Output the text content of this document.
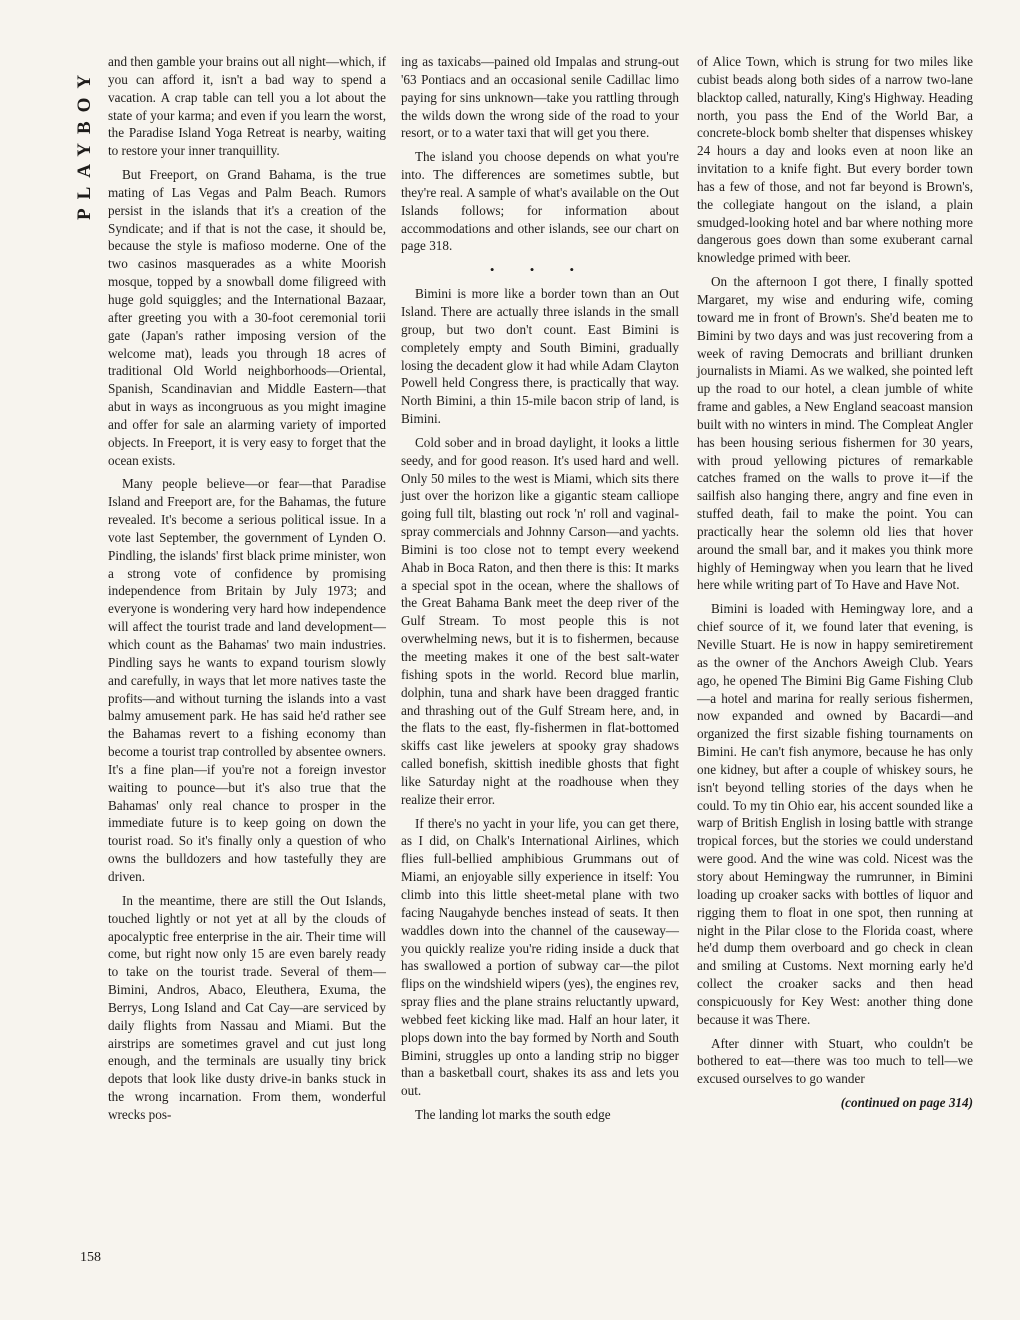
PLAYBOY
158

and then gamble your brains out all night—which, if you can afford it, isn't a bad way to spend a vacation. A crap table can tell you a lot about the state of your karma; and even if you learn the worst, the Paradise Island Yoga Retreat is nearby, waiting to restore your inner tranquillity.

But Freeport, on Grand Bahama, is the true mating of Las Vegas and Palm Beach. Rumors persist in the islands that it's a creation of the Syndicate; and if that is not the case, it should be, because the style is mafioso moderne. One of the two casinos masquerades as a white Moorish mosque, topped by a snowball dome filigreed with huge gold squiggles; and the International Bazaar, after greeting you with a 30-foot ceremonial torii gate (Japan's rather imposing version of the welcome mat), leads you through 18 acres of traditional Old World neighborhoods—Oriental, Spanish, Scandinavian and Middle Eastern—that abut in ways as incongruous as you might imagine and offer for sale an alarming variety of imported objects. In Freeport, it is very easy to forget that the ocean exists.

Many people believe—or fear—that Paradise Island and Freeport are, for the Bahamas, the future revealed. It's become a serious political issue. In a vote last September, the government of Lynden O. Pindling, the islands' first black prime minister, won a strong vote of confidence by promising independence from Britain by July 1973; and everyone is wondering very hard how independence will affect the tourist trade and land development—which count as the Bahamas' two main industries. Pindling says he wants to expand tourism slowly and carefully, in ways that let more natives taste the profits—and without turning the islands into a vast balmy amusement park. He has said he'd rather see the Bahamas revert to a fishing economy than become a tourist trap controlled by absentee owners. It's a fine plan—if you're not a foreign investor waiting to pounce—but it's also true that the Bahamas' only real chance to prosper in the immediate future is to keep going on down the tourist road. So it's finally only a question of who owns the bulldozers and how tastefully they are driven.

In the meantime, there are still the Out Islands, touched lightly or not yet at all by the clouds of apocalyptic free enterprise in the air. Their time will come, but right now only 15 are even barely ready to take on the tourist trade. Several of them—Bimini, Andros, Abaco, Eleuthera, Exuma, the Berrys, Long Island and Cat Cay—are serviced by daily flights from Nassau and Miami. But the airstrips are sometimes gravel and cut just long enough, and the terminals are usually tiny brick depots that look like dusty drive-in banks stuck in the wrong incarnation. From them, wonderful wrecks pos-

ing as taxicabs—pained old Impalas and strung-out '63 Pontiacs and an occasional senile Cadillac limo paying for sins unknown—take you rattling through the wilds down the wrong side of the road to your resort, or to a water taxi that will get you there.

The island you choose depends on what you're into. The differences are sometimes subtle, but they're real. A sample of what's available on the Out Islands follows; for information about accommodations and other islands, see our chart on page 318.

• • •

Bimini is more like a border town than an Out Island. There are actually three islands in the small group, but two don't count. East Bimini is completely empty and South Bimini, gradually losing the decadent glow it had while Adam Clayton Powell held Congress there, is practically that way. North Bimini, a thin 15-mile bacon strip of land, is Bimini.

Cold sober and in broad daylight, it looks a little seedy, and for good reason. It's used hard and well. Only 50 miles to the west is Miami, which sits there just over the horizon like a gigantic steam calliope going full tilt, blasting out rock 'n' roll and vaginal-spray commercials and Johnny Carson—and yachts. Bimini is too close not to tempt every weekend Ahab in Boca Raton, and then there is this: It marks a special spot in the ocean, where the shallows of the Great Bahama Bank meet the deep river of the Gulf Stream. To most people this is not overwhelming news, but it is to fishermen, because the meeting makes it one of the best salt-water fishing spots in the world. Record blue marlin, dolphin, tuna and shark have been dragged frantic and thrashing out of the Gulf Stream here, and, in the flats to the east, fly-fishermen in flat-bottomed skiffs cast like jewelers at spooky gray shadows called bonefish, skittish inedible ghosts that fight like Saturday night at the roadhouse when they realize their error.

If there's no yacht in your life, you can get there, as I did, on Chalk's International Airlines, which flies full-bellied amphibious Grummans out of Miami, an enjoyable silly experience in itself: You climb into this little sheet-metal plane with two facing Naugahyde benches instead of seats. It then waddles down into the channel of the causeway—you quickly realize you're riding inside a duck that has swallowed a portion of subway car—the pilot flips on the windshield wipers (yes), the engines rev, spray flies and the plane strains reluctantly upward, webbed feet kicking like mad. Half an hour later, it plops down into the bay formed by North and South Bimini, struggles up onto a landing strip no bigger than a basketball court, shakes its ass and lets you out.

The landing lot marks the south edge

of Alice Town, which is strung for two miles like cubist beads along both sides of a narrow two-lane blacktop called, naturally, King's Highway. Heading north, you pass the End of the World Bar, a concrete-block bomb shelter that dispenses whiskey 24 hours a day and looks even at noon like an invitation to a knife fight. But every border town has a few of those, and not far beyond is Brown's, the collegiate hangout on the island, a plain smudged-looking hotel and bar where nothing more dangerous goes down than some exuberant carnal knowledge primed with beer.

On the afternoon I got there, I finally spotted Margaret, my wise and enduring wife, coming toward me in front of Brown's. She'd beaten me to Bimini by two days and was just recovering from a week of raving Democrats and brilliant drunken journalists in Miami. As we walked, she pointed left up the road to our hotel, a clean jumble of white frame and gables, a New England seacoast mansion built with no winters in mind. The Compleat Angler has been housing serious fishermen for 30 years, with proud yellowing pictures of remarkable catches framed on the walls to prove it—if the sailfish also hanging there, angry and fine even in stuffed death, fail to make the point. You can practically hear the solemn old lies that hover around the small bar, and it makes you think more highly of Hemingway when you learn that he lived here while writing part of To Have and Have Not.

Bimini is loaded with Hemingway lore, and a chief source of it, we found later that evening, is Neville Stuart. He is now in happy semiretirement as the owner of the Anchors Aweigh Club. Years ago, he opened The Bimini Big Game Fishing Club—a hotel and marina for really serious fishermen, now expanded and owned by Bacardi—and organized the first sizable fishing tournaments on Bimini. He can't fish anymore, because he has only one kidney, but after a couple of whiskey sours, he isn't beyond telling stories of the days when he could. To my tin Ohio ear, his accent sounded like a warp of British English in losing battle with strange tropical forces, but the stories we could understand were good. And the wine was cold. Nicest was the story about Hemingway the rumrunner, in Bimini loading up croaker sacks with bottles of liquor and rigging them to float in one spot, then running at night in the Pilar close to the Florida coast, where he'd dump them overboard and go check in clean and smiling at Customs. Next morning early he'd collect the croaker sacks and then head conspicuously for Key West: another thing done because it was There.

After dinner with Stuart, who couldn't be bothered to eat—there was too much to tell—we excused ourselves to go wander

(continued on page 314)
